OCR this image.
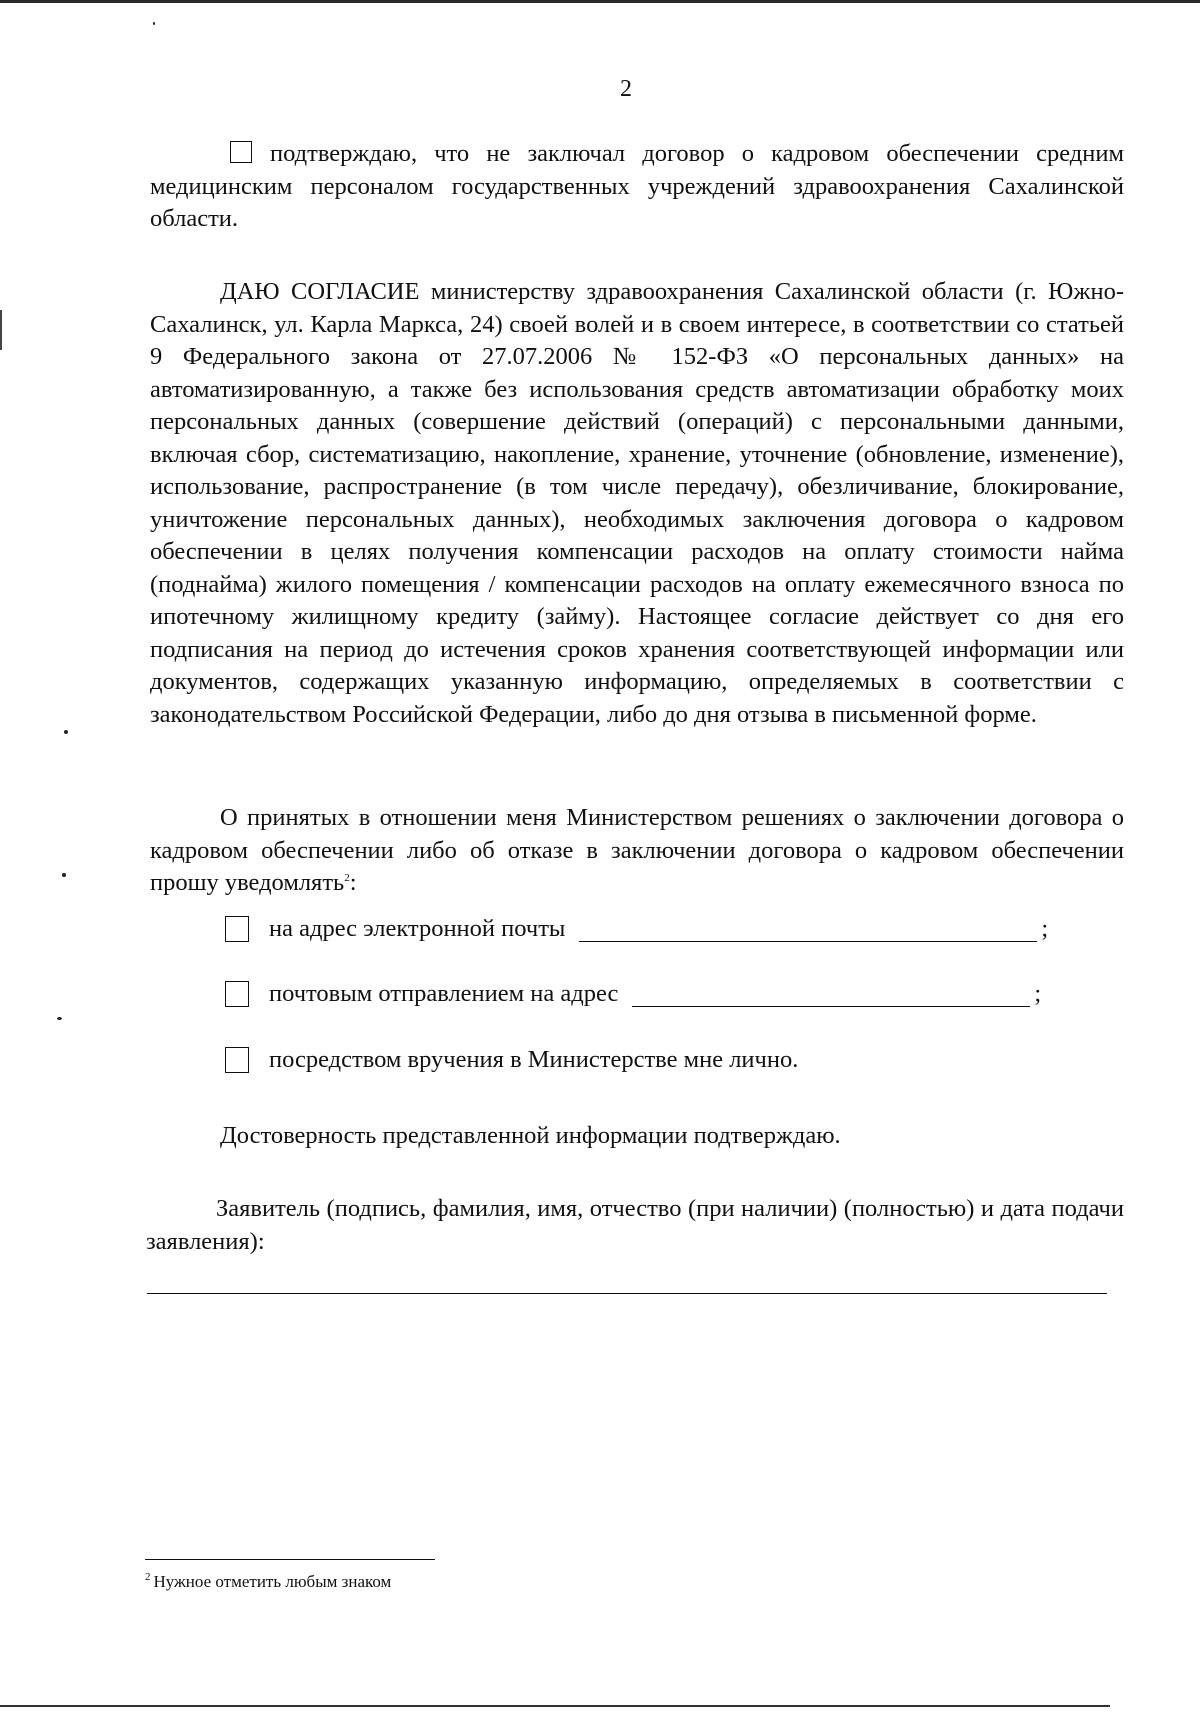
2

подтверждаю, что не заключал договор о кадровом обеспечении средним медицинским персоналом государственных учреждений здравоохранения Сахалинской области.

ДАЮ СОГЛАСИЕ министерству здравоохранения Сахалинской области (г. Южно-Сахалинск, ул. Карла Маркса, 24) своей волей и в своем интересе, в соответствии со статьей 9 Федерального закона от 27.07.2006 № 152-ФЗ «О персональных данных» на автоматизированную, а также без использования средств автоматизации обработку моих персональных данных (совершение действий (операций) с персональными данными, включая сбор, систематизацию, накопление, хранение, уточнение (обновление, изменение), использование, распространение (в том числе передачу), обезличивание, блокирование, уничтожение персональных данных), необходимых заключения договора о кадровом обеспечении в целях получения компенсации расходов на оплату стоимости найма (поднайма) жилого помещения / компенсации расходов на оплату ежемесячного взноса по ипотечному жилищному кредиту (займу). Настоящее согласие действует со дня его подписания на период до истечения сроков хранения соответствующей информации или документов, содержащих указанную информацию, определяемых в соответствии с законодательством Российской Федерации, либо до дня отзыва в письменной форме.

О принятых в отношении меня Министерством решениях о заключении договора о кадровом обеспечении либо об отказе в заключении договора о кадровом обеспечении прошу уведомлять$^2$:

на адрес электронной почты	;
почтовым отправлением на адрес	;
посредством вручения в Министерстве мне лично.

Достоверность представленной информации подтверждаю.

Заявитель (подпись, фамилия, имя, отчество (при наличии) (полностью) и дата подачи заявления):

$^2$ Нужное отметить любым знаком
